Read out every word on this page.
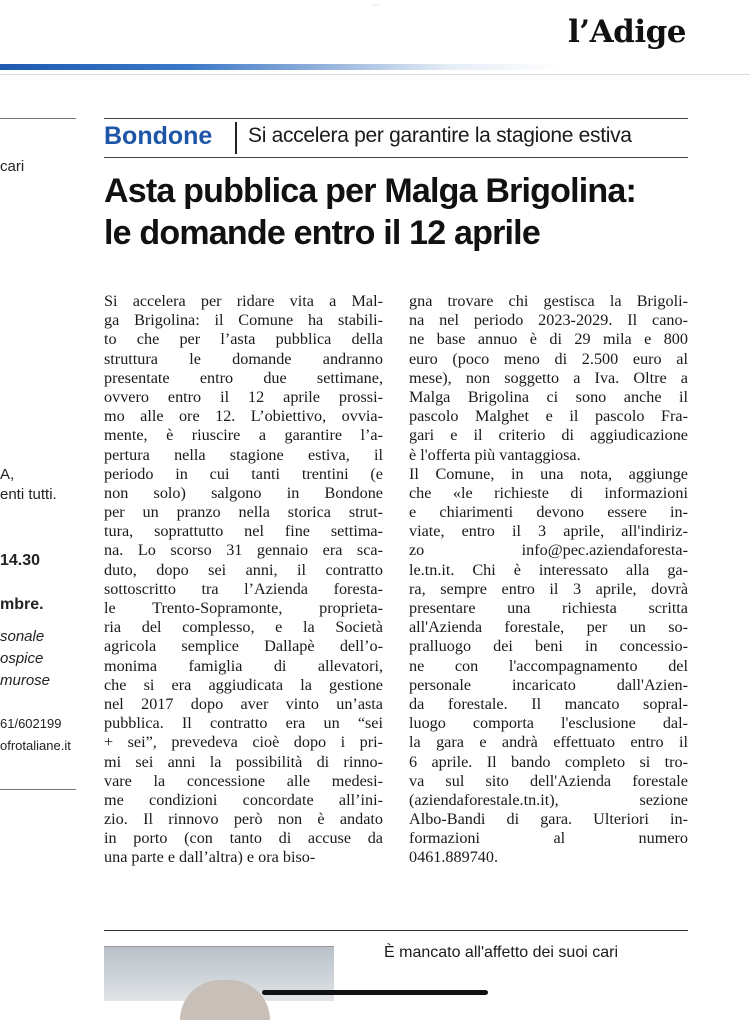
···
l’Adige
cari
A,
enti tutti.
14.30
mbre.
sonale
ospice
murose
61/602199
ofrotaliane.it
Bondone Si accelera per garantire la stagione estiva
Asta pubblica per Malga Brigolina:
le domande entro il 12 aprile
Si accelera per ridare vita a Mal-
ga Brigolina: il Comune ha stabili-
to che per l’asta pubblica della
struttura le domande andranno
presentate entro due settimane,
ovvero entro il 12 aprile prossi-
mo alle ore 12. L’obiettivo, ovvia-
mente, è riuscire a garantire l’a-
pertura nella stagione estiva, il
periodo in cui tanti trentini (e
non solo) salgono in Bondone
per un pranzo nella storica strut-
tura, soprattutto nel fine settima-
na. Lo scorso 31 gennaio era sca-
duto, dopo sei anni, il contratto
sottoscritto tra l’Azienda foresta-
le Trento-Sopramonte, proprieta-
ria del complesso, e la Società
agricola semplice Dallapè dell’o-
monima famiglia di allevatori,
che si era aggiudicata la gestione
nel 2017 dopo aver vinto un’asta
pubblica. Il contratto era un “sei
+ sei”, prevedeva cioè dopo i pri-
mi sei anni la possibilità di rinno-
vare la concessione alle medesi-
me condizioni concordate all’ini-
zio. Il rinnovo però non è andato
in porto (con tanto di accuse da
una parte e dall’altra) e ora biso-
gna trovare chi gestisca la Brigoli-
na nel periodo 2023-2029. Il cano-
ne base annuo è di 29 mila e 800
euro (poco meno di 2.500 euro al
mese), non soggetto a Iva. Oltre a
Malga Brigolina ci sono anche il
pascolo Malghet e il pascolo Fra-
gari e il criterio di aggiudicazione
è l'offerta più vantaggiosa.
Il Comune, in una nota, aggiunge
che «le richieste di informazioni
e chiarimenti devono essere in-
viate, entro il 3 aprile, all'indiriz-
zo info@pec.aziendaforesta-
le.tn.it. Chi è interessato alla ga-
ra, sempre entro il 3 aprile, dovrà
presentare una richiesta scritta
all'Azienda forestale, per un so-
pralluogo dei beni in concessio-
ne con l'accompagnamento del
personale incaricato dall'Azien-
da forestale. Il mancato sopral-
luogo comporta l'esclusione dal-
la gara e andrà effettuato entro il
6 aprile. Il bando completo si tro-
va sul sito dell'Azienda forestale
(aziendaforestale.tn.it), sezione
Albo-Bandi di gara. Ulteriori in-
formazioni al numero
0461.889740.
È mancato all'affetto dei suoi cari
